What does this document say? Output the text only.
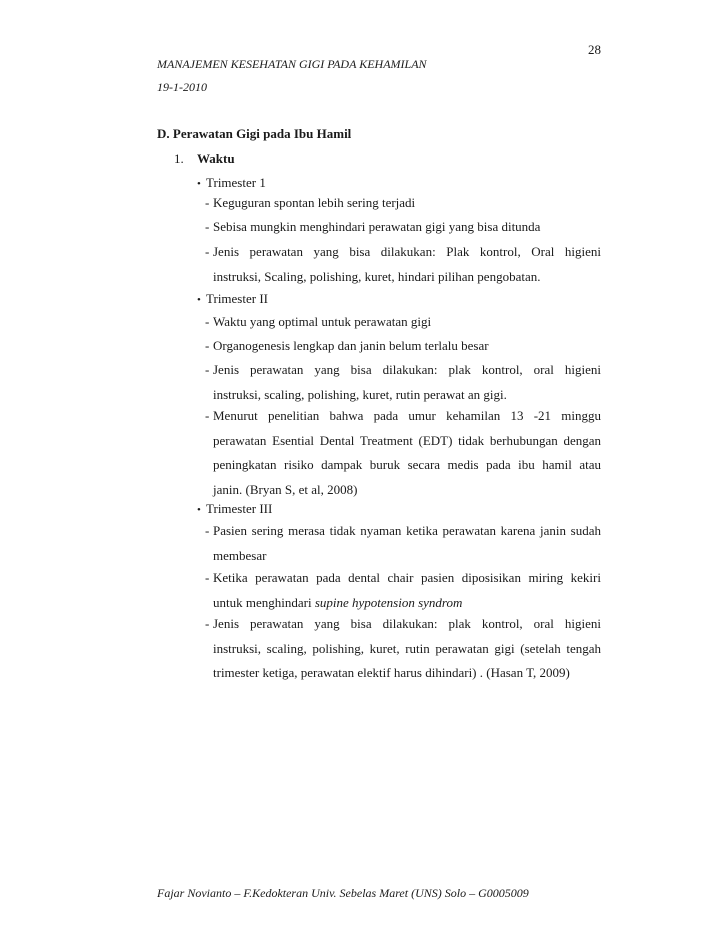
28
MANAJEMEN KESEHATAN GIGI PADA KEHAMILAN
19-1-2010
D. Perawatan Gigi pada Ibu Hamil
1. Waktu
• Trimester 1
- Keguguran spontan lebih sering terjadi
- Sebisa mungkin menghindari perawatan gigi yang bisa ditunda
- Jenis perawatan yang bisa dilakukan: Plak kontrol, Oral higieni
instruksi, Scaling, polishing, kuret, hindari pilihan pengobatan.
• Trimester II
- Waktu yang optimal untuk perawatan gigi
- Organogenesis lengkap dan janin belum terlalu besar
- Jenis perawatan yang bisa dilakukan: plak kontrol, oral higieni
instruksi, scaling, polishing, kuret, rutin perawat an gigi.
- Menurut penelitian bahwa pada umur kehamilan 13 -21 minggu
perawatan Esential Dental Treatment (EDT) tidak berhubungan dengan
peningkatan risiko dampak buruk secara medis pada ibu hamil atau
janin. (Bryan S, et al, 2008)
• Trimester III
- Pasien sering merasa tidak nyaman ketika perawatan karena janin sudah
membesar
- Ketika perawatan pada dental chair pasien diposisikan miring kekiri
untuk menghindari supine hypotension syndrom
- Jenis perawatan yang bisa dilakukan: plak kontrol, oral higieni
instruksi, scaling, polishing, kuret, rutin perawatan gigi (setelah tengah
trimester ketiga, perawatan elektif harus dihindari) . (Hasan T, 2009)
Fajar Novianto – F.Kedokteran Univ. Sebelas Maret (UNS) Solo – G0005009
